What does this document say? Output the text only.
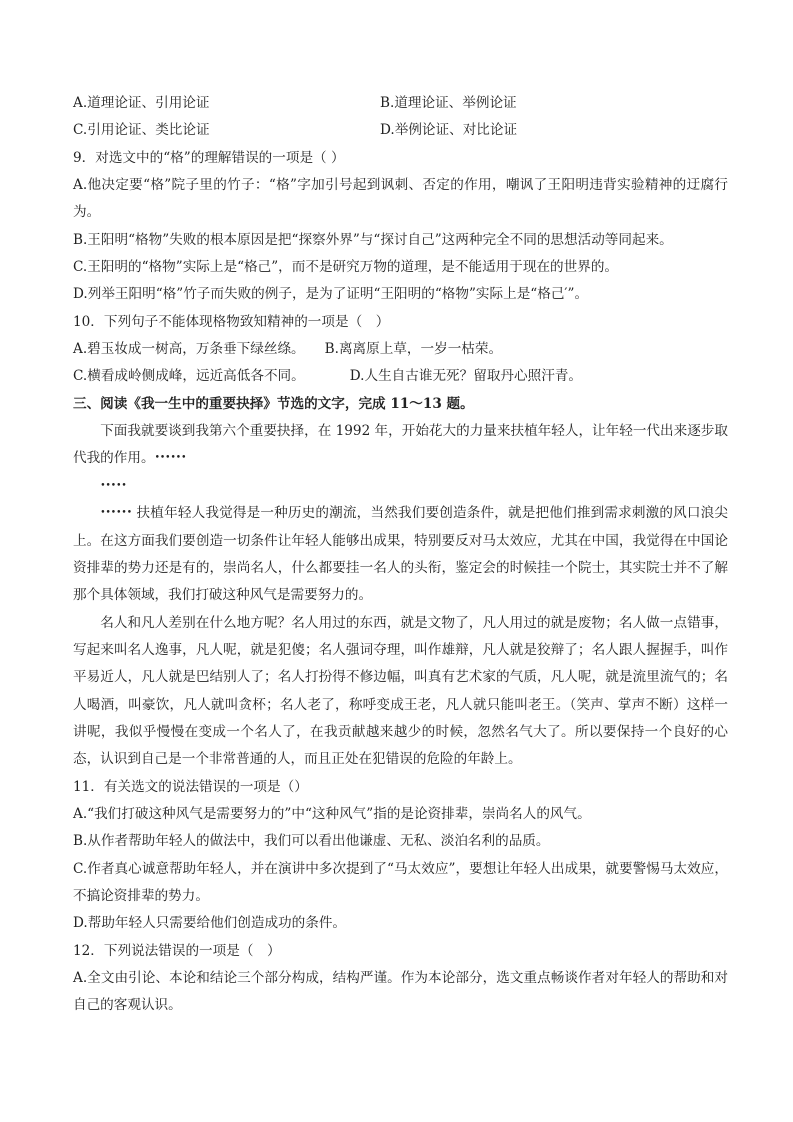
A.道理论证、引用论证	B.道理论证、举例论证
C.引用论证、类比论证	D.举例论证、对比论证

9．对选文中的“格”的理解错误的一项是（ ）

A.他决定要“格”院子里的竹子：“格”字加引号起到讽刺、否定的作用，嘲讽了王阳明违背实验精神的迂腐行为。

B.王阳明“格物”失败的根本原因是把“探察外界”与“探讨自己”这两种完全不同的思想活动等同起来。

C.王阳明的“格物”实际上是“格己”，而不是研究万物的道理，是不能适用于现在的世界的。

D.列举王阳明“格”竹子而失败的例子，是为了证明“王阳明的“格物”实际上是“格己′”。

10．下列句子不能体现格物致知精神的一项是（　）

A.碧玉妆成一树高，万条垂下绿丝绦。 B.离离原上草，一岁一枯荣。
C.横看成岭侧成峰，远近高低各不同。	D.人生自古谁无死？留取丹心照汗青。

三、阅读《我一生中的重要抉择》节选的文字，完成 11～13 题。

下面我就要谈到我第六个重要抉择，在 1992 年，开始花大的力量来扶植年轻人，让年轻一代出来逐步取代我的作用。••••••

•••••

•••••• 扶植年轻人我觉得是一种历史的潮流，当然我们要创造条件，就是把他们推到需求刺激的风口浪尖上。在这方面我们要创造一切条件让年轻人能够出成果，特别要反对马太效应，尤其在中国，我觉得在中国论资排辈的势力还是有的，崇尚名人，什么都要挂一名人的头衔，鉴定会的时候挂一个院士，其实院士并不了解那个具体领域，我们打破这种风气是需要努力的。

名人和凡人差别在什么地方呢？名人用过的东西，就是文物了，凡人用过的就是废物；名人做一点错事，写起来叫名人逸事，凡人呢，就是犯傻；名人强词夺理，叫作雄辩，凡人就是狡辩了；名人跟人握握手，叫作平易近人，凡人就是巴结别人了；名人打扮得不修边幅，叫真有艺术家的气质，凡人呢，就是流里流气的；名人喝酒，叫豪饮，凡人就叫贪杯；名人老了，称呼变成王老，凡人就只能叫老王。（笑声、掌声不断）这样一讲呢，我似乎慢慢在变成一个名人了，在我贡献越来越少的时候，忽然名气大了。所以要保持一个良好的心态，认识到自己是一个非常普通的人，而且正处在犯错误的危险的年龄上。

11．有关选文的说法错误的一项是（）

A.“我们打破这种风气是需要努力的”中“这种风气”指的是论资排辈，崇尚名人的风气。

B.从作者帮助年轻人的做法中，我们可以看出他谦虚、无私、淡泊名利的品质。

C.作者真心诚意帮助年轻人，并在演讲中多次提到了“马太效应”，要想让年轻人出成果，就要警惕马太效应，不搞论资排辈的势力。

D.帮助年轻人只需要给他们创造成功的条件。

12．下列说法错误的一项是（　）

A.全文由引论、本论和结论三个部分构成，结构严谨。作为本论部分，选文重点畅谈作者对年轻人的帮助和对自己的客观认识。
